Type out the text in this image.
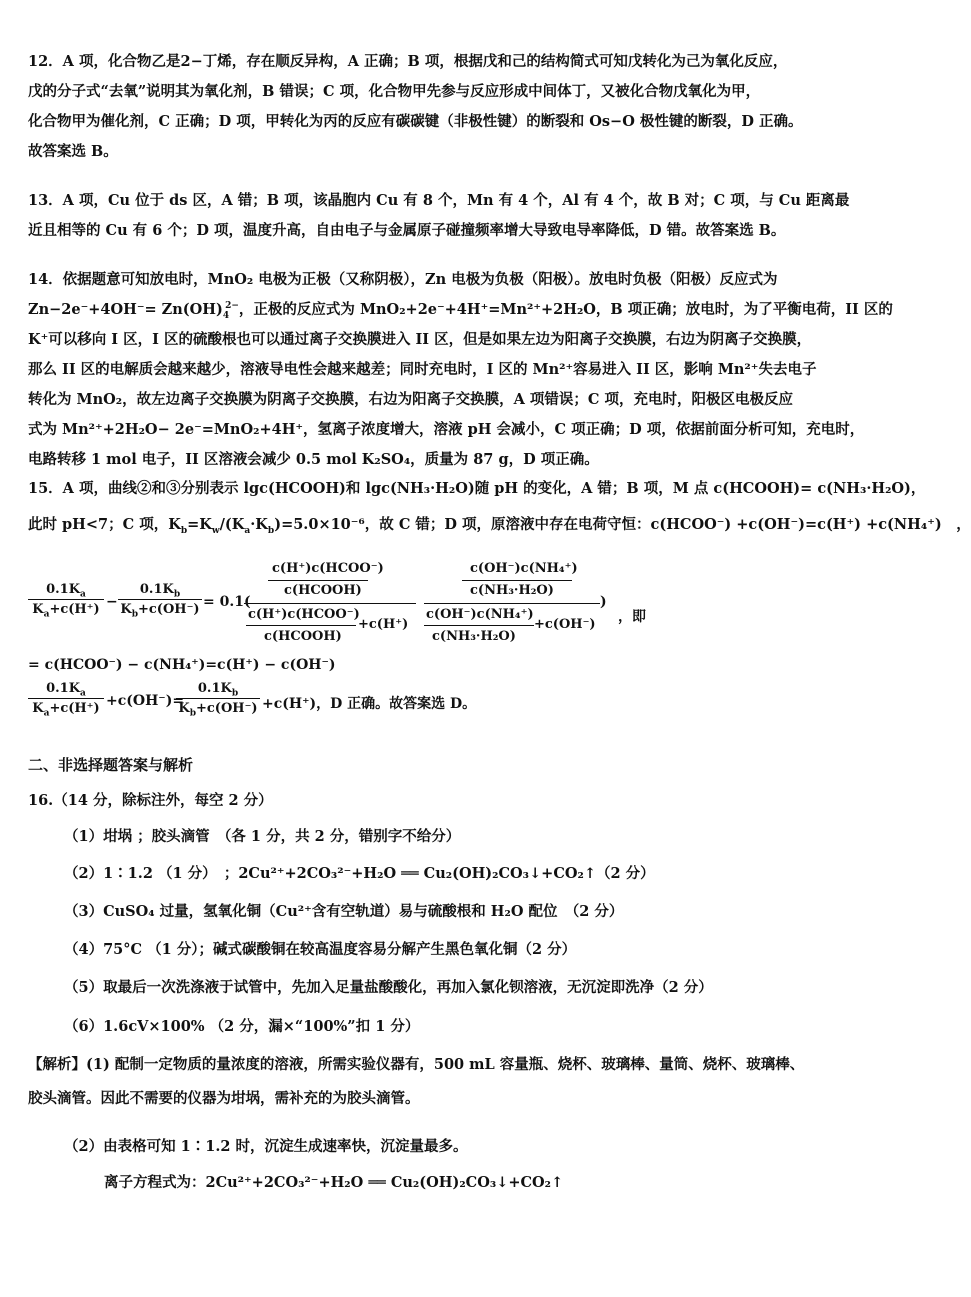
12．A 项，化合物乙是2−丁烯，存在顺反异构，A 正确；B 项，根据戊和己的结构简式可知戊转化为己为氧化反应，
戊的分子式“去氧”说明其为氧化剂，B 错误；C 项，化合物甲先参与反应形成中间体丁，又被化合物戊氧化为甲，
化合物甲为催化剂，C 正确；D 项，甲转化为丙的反应有碳碳键（非极性键）的断裂和 Os−O 极性键的断裂，D 正确。
故答案选 B。
13．A 项，Cu 位于 ds 区，A 错；B 项，该晶胞内 Cu 有 8 个，Mn 有 4 个，Al 有 4 个，故 B 对；C 项，与 Cu 距离最
近且相等的 Cu 有 6 个；D 项，温度升高，自由电子与金属原子碰撞频率增大导致电导率降低，D 错。故答案选 B。
14．依据题意可知放电时，MnO₂ 电极为正极（又称阴极），Zn 电极为负极（阳极）。放电时负极（阳极）反应式为
$Zn-2e^-+4OH^-= Zn(OH)_4^{2-}$，正极的反应式为 MnO₂+2e⁻+4H⁺=Mn²⁺+2H₂O，B 项正确；放电时，为了平衡电荷，II 区的
K⁺可以移向 I 区，I 区的硫酸根也可以通过离子交换膜进入 II 区，但是如果左边为阳离子交换膜，右边为阴离子交换膜，
那么 II 区的电解质会越来越少，溶液导电性会越来越差；同时充电时，I 区的 Mn²⁺容易进入 II 区，影响 Mn²⁺失去电子
转化为 MnO₂，故左边离子交换膜为阴离子交换膜，右边为阳离子交换膜，A 项错误；C 项，充电时，阳极区电极反应
式为 Mn²⁺+2H₂O− 2e⁻=MnO₂+4H⁺，氢离子浓度增大，溶液 pH 会减小，C 项正确；D 项，依据前面分析可知，充电时，
电路转移 1 mol 电子，II 区溶液会减少 0.5 mol K₂SO₄，质量为 87 g，D 项正确。
15．A 项，曲线②和③分别表示 lgc(HCOOH)和 lgc(NH₃·H₂O)随 pH 的变化，A 错；B 项，M 点 c(HCOOH)= c(NH₃·H₂O)，
此时 pH<7；C 项，$K_b=K_w/(K_a\cdot K_b)=5.0\times 10^{-6}$，故 C 错；D 项，原溶液中存在电荷守恒：c(HCOO⁻) +c(OH⁻)=c(H⁺) +c(NH₄⁺)　，
$\frac{0.1K_a}{K_a+c(H^+)} - \frac{0.1K_b}{K_b+c(OH^-)} = 0.1$(
c(H⁺)c(HCOO⁻)
c(HCOOH)
c(H⁺)c(HCOO⁻)
c(HCOOH)
+c(H⁺)
c(OH⁻)c(NH₄⁺)
c(NH₃·H₂O)
c(OH⁻)c(NH₄⁺)
c(NH₃·H₂O)
+c(OH⁻)
)
，即
= c(HCOO⁻) − c(NH₄⁺)=c(H⁺) − c(OH⁻)
$\frac{0.1K_a}{K_a+c(H^+)} +c(OH^-)=$
$\frac{0.1K_b}{K_b+c(OH^-)} +c(H^+)$，D 正确。故答案选 D。
二、非选择题答案与解析
16.（14 分，除标注外，每空 2 分）
（1）坩埚 ；胶头滴管　（各 1 分，共 2 分，错别字不给分）
（2）1∶1.2 （1 分）　；2Cu²⁺+2CO₃²⁻+H₂O ══ Cu₂(OH)₂CO₃↓+CO₂↑（2 分）
（3）CuSO₄ 过量，氢氧化铜（Cu²⁺含有空轨道）易与硫酸根和 H₂O 配位　（2 分）
（4）75°C （1 分）；碱式碳酸铜在较高温度容易分解产生黑色氧化铜（2 分）
（5）取最后一次洗涤液于试管中，先加入足量盐酸酸化，再加入氯化钡溶液，无沉淀即洗净（2 分）
（6）1.6cV×100% （2 分，漏×“100%”扣 1 分）
【解析】(1) 配制一定物质的量浓度的溶液，所需实验仪器有，500 mL 容量瓶、烧杯、玻璃棒、量筒、烧杯、玻璃棒、
胶头滴管。因此不需要的仪器为坩埚，需补充的为胶头滴管。
（2）由表格可知 1∶1.2 时，沉淀生成速率快，沉淀量最多。
离子方程式为：2Cu²⁺+2CO₃²⁻+H₂O ══ Cu₂(OH)₂CO₃↓+CO₂↑
